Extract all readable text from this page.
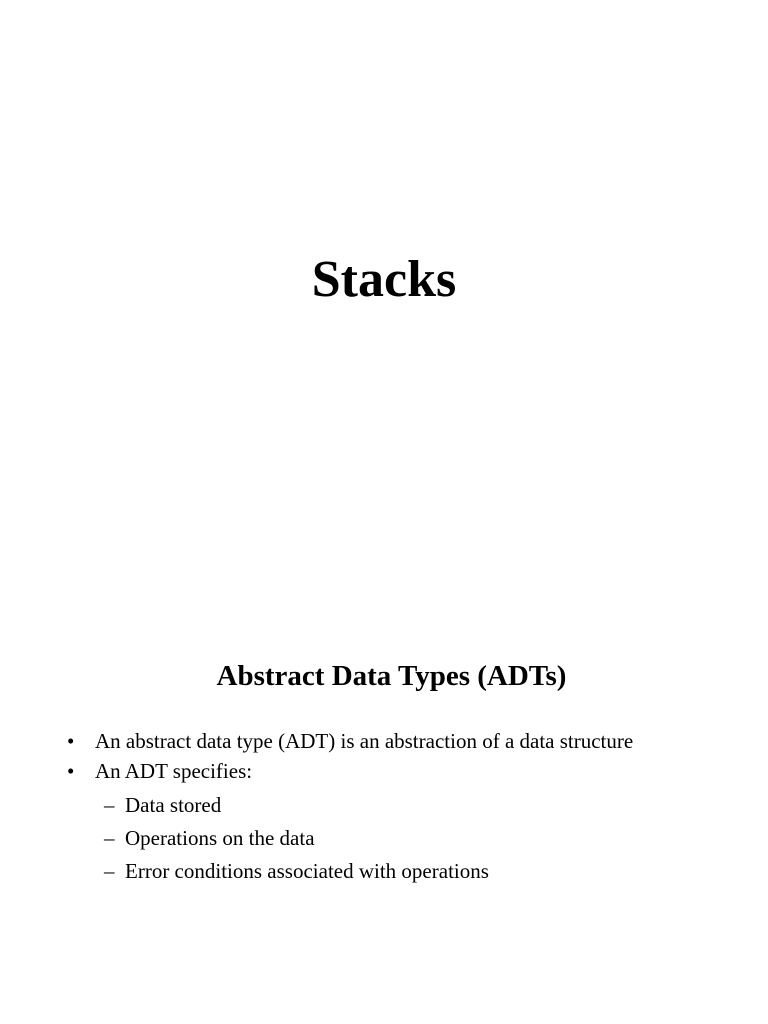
Stacks
Abstract Data Types (ADTs)
• An abstract data type (ADT) is an abstraction of a data structure
• An ADT specifies:
– Data stored
– Operations on the data
– Error conditions associated with operations
